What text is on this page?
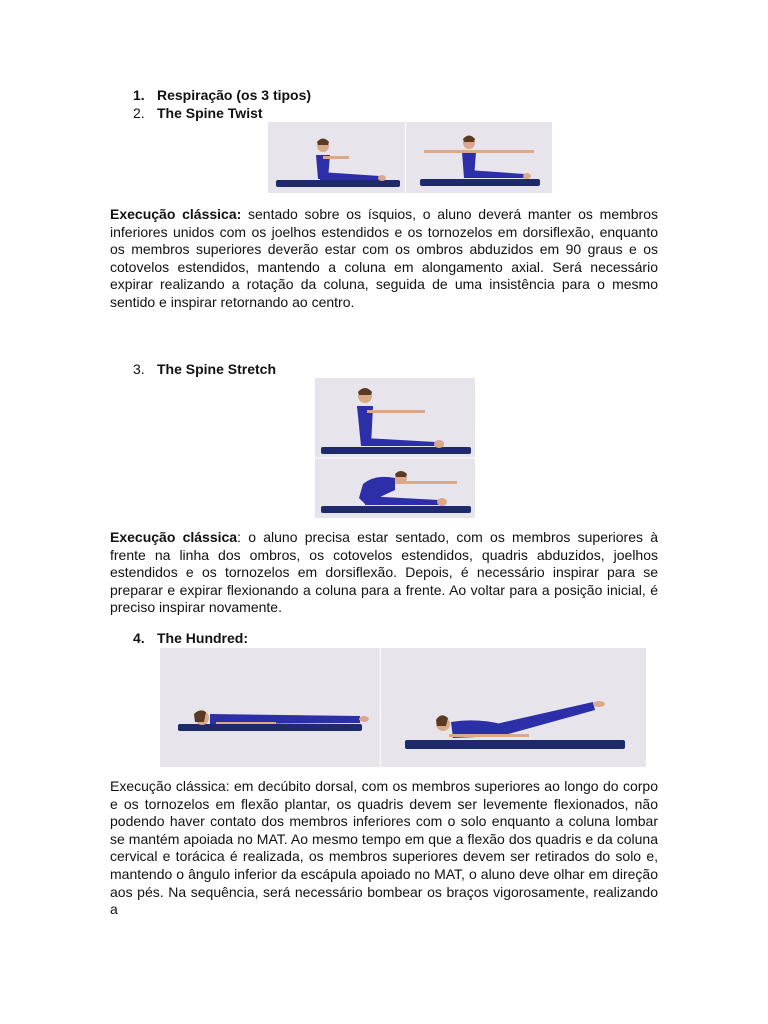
1. Respiração (os 3 tipos)
2. The Spine Twist
Execução clássica: sentado sobre os ísquios, o aluno deverá manter os membros inferiores unidos com os joelhos estendidos e os tornozelos em dorsiflexão, enquanto os membros superiores deverão estar com os ombros abduzidos em 90 graus e os cotovelos estendidos, mantendo a coluna em alongamento axial. Será necessário expirar realizando a rotação da coluna, seguida de uma insistência para o mesmo sentido e inspirar retornando ao centro.
3. The Spine Stretch
Execução clássica: o aluno precisa estar sentado, com os membros superiores à frente na linha dos ombros, os cotovelos estendidos, quadris abduzidos, joelhos estendidos e os tornozelos em dorsiflexão. Depois, é necessário inspirar para se preparar e expirar flexionando a coluna para a frente. Ao voltar para a posição inicial, é preciso inspirar novamente.
4. The Hundred:
Execução clássica: em decúbito dorsal, com os membros superiores ao longo do corpo e os tornozelos em flexão plantar, os quadris devem ser levemente flexionados, não podendo haver contato dos membros inferiores com o solo enquanto a coluna lombar se mantém apoiada no MAT. Ao mesmo tempo em que a flexão dos quadris e da coluna cervical e torácica é realizada, os membros superiores devem ser retirados do solo e, mantendo o ângulo inferior da escápula apoiado no MAT, o aluno deve olhar em direção aos pés. Na sequência, será necessário bombear os braços vigorosamente, realizando a
